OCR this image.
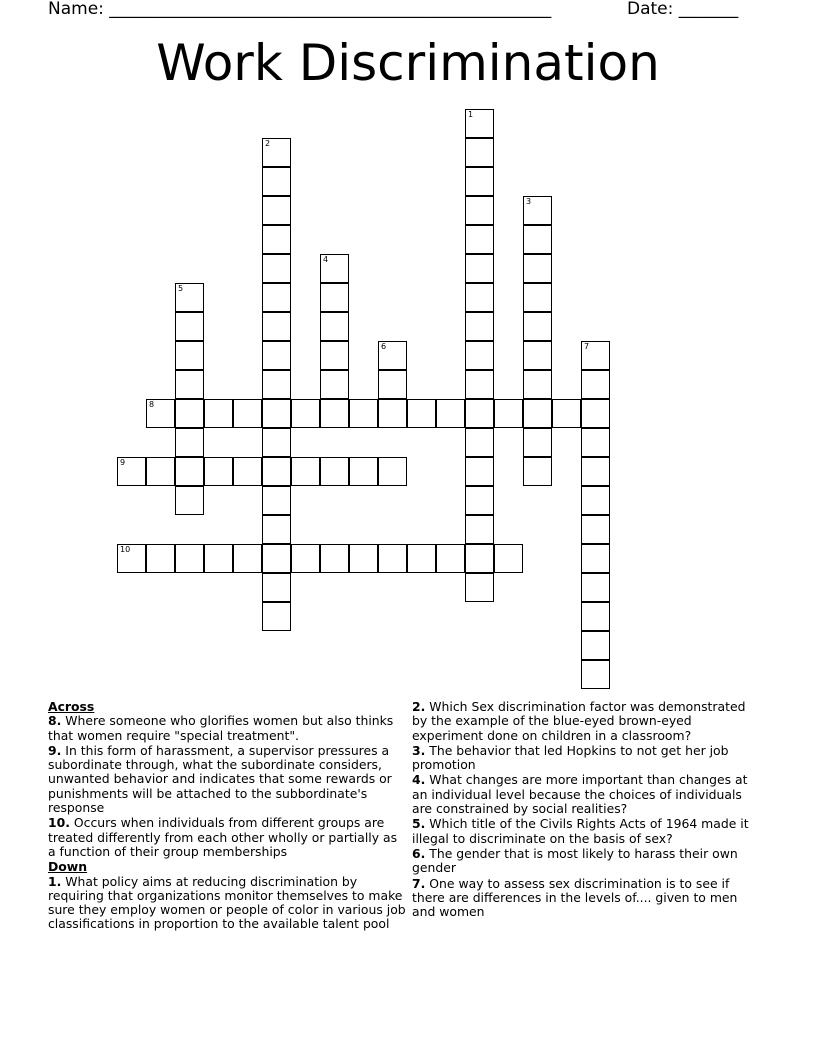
Name: ____________________________________________________	Date: _______
Work Discrimination
1
2
3
4
5
6	7
8
9
10
Across
8. Where someone who glorifies women but also thinks that women require "special treatment".
9. In this form of harassment, a supervisor pressures a subordinate through, what the subordinate considers, unwanted behavior and indicates that some rewards or punishments will be attached to the subbordinate's response
10. Occurs when individuals from different groups are treated differently from each other wholly or partially as a function of their group memberships
Down
1. What policy aims at reducing discrimination by requiring that organizations monitor themselves to make sure they employ women or people of color in various job classifications in proportion to the available talent pool
2. Which Sex discrimination factor was demonstrated by the example of the blue-eyed brown-eyed experiment done on children in a classroom?
3. The behavior that led Hopkins to not get her job promotion
4. What changes are more important than changes at an individual level because the choices of individuals are constrained by social realities?
5. Which title of the Civils Rights Acts of 1964 made it illegal to discriminate on the basis of sex?
6. The gender that is most likely to harass their own gender
7. One way to assess sex discrimination is to see if there are differences in the levels of.... given to men and women
